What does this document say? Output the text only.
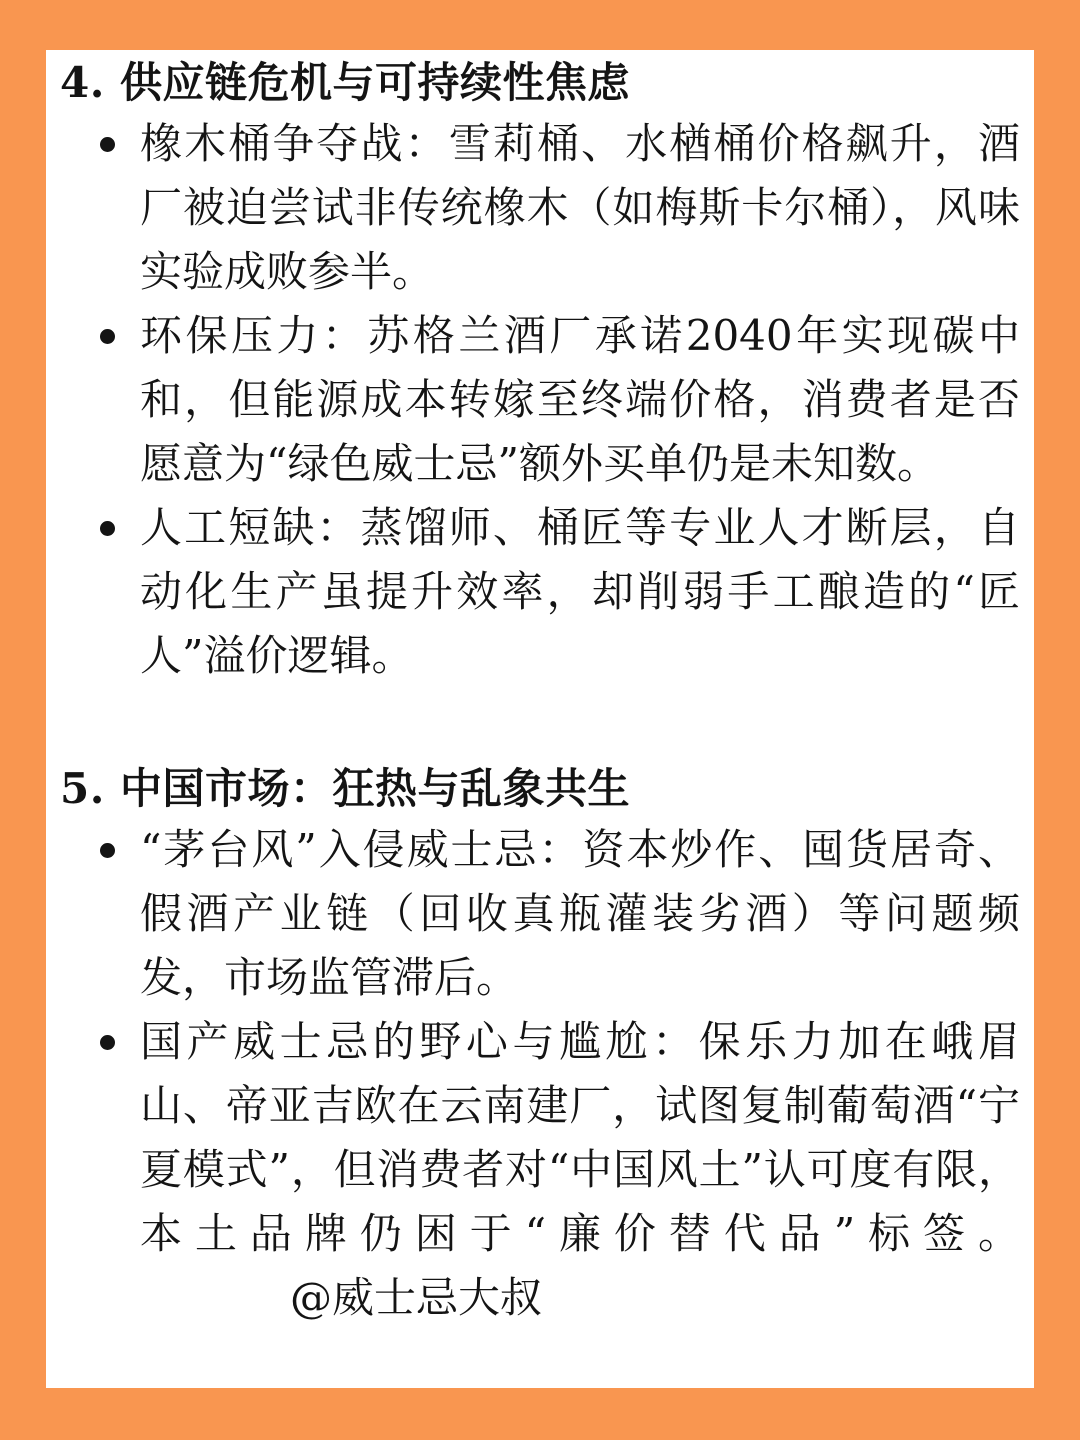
4. 供应链危机与可持续性焦虑
橡木桶争夺战：雪莉桶、水楢桶价格飙升，酒厂被迫尝试非传统橡木（如梅斯卡尔桶），风味实验成败参半。
环保压力：苏格兰酒厂承诺2040年实现碳中和，但能源成本转嫁至终端价格，消费者是否愿意为“绿色威士忌”额外买单仍是未知数。
人工短缺：蒸馏师、桶匠等专业人才断层，自动化生产虽提升效率，却削弱手工酿造的“匠人”溢价逻辑。
5. 中国市场：狂热与乱象共生
“茅台风”入侵威士忌：资本炒作、囤货居奇、假酒产业链（回收真瓶灌装劣酒）等问题频发，市场监管滞后。
国产威士忌的野心与尴尬：保乐力加在峨眉山、帝亚吉欧在云南建厂，试图复制葡萄酒“宁夏模式”，但消费者对“中国风土”认可度有限，本土品牌仍困于“廉价替代品”标签。@威士忌大叔
